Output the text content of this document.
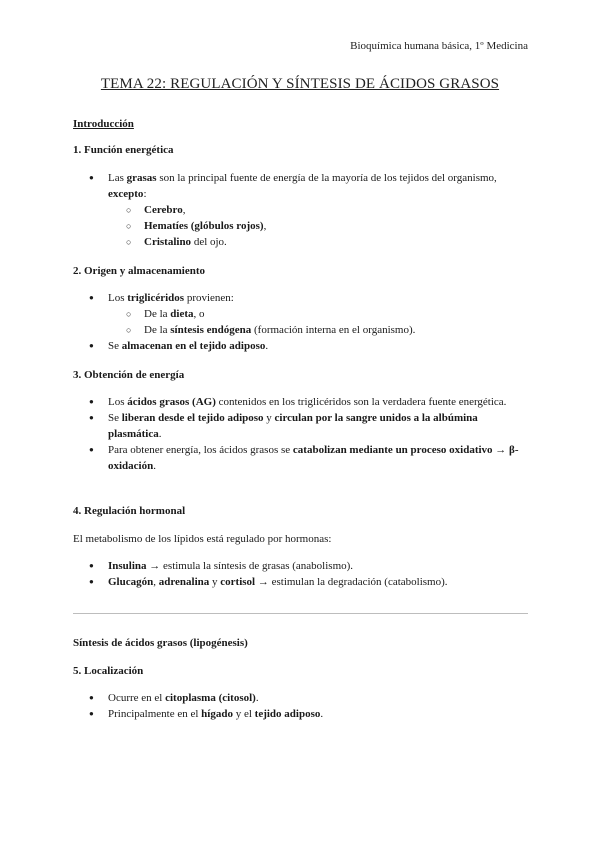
Bioquímica humana básica, 1º Medicina
TEMA 22: REGULACIÓN Y SÍNTESIS DE ÁCIDOS GRASOS
Introducción
1. Función energética
● Las grasas son la principal fuente de energía de la mayoría de los tejidos del organismo, excepto:
○ Cerebro,
○ Hematíes (glóbulos rojos),
○ Cristalino del ojo.
2. Origen y almacenamiento
● Los triglicéridos provienen:
○ De la dieta, o
○ De la síntesis endógena (formación interna en el organismo).
● Se almacenan en el tejido adiposo.
3. Obtención de energía
● Los ácidos grasos (AG) contenidos en los triglicéridos son la verdadera fuente energética.
● Se liberan desde el tejido adiposo y circulan por la sangre unidos a la albúmina plasmática.
● Para obtener energía, los ácidos grasos se catabolizan mediante un proceso oxidativo → β-oxidación.
4. Regulación hormonal
El metabolismo de los lípidos está regulado por hormonas:
● Insulina → estimula la síntesis de grasas (anabolismo).
● Glucagón, adrenalina y cortisol → estimulan la degradación (catabolismo).
Síntesis de ácidos grasos (lipogénesis)
5. Localización
● Ocurre en el citoplasma (citosol).
● Principalmente en el hígado y el tejido adiposo.
